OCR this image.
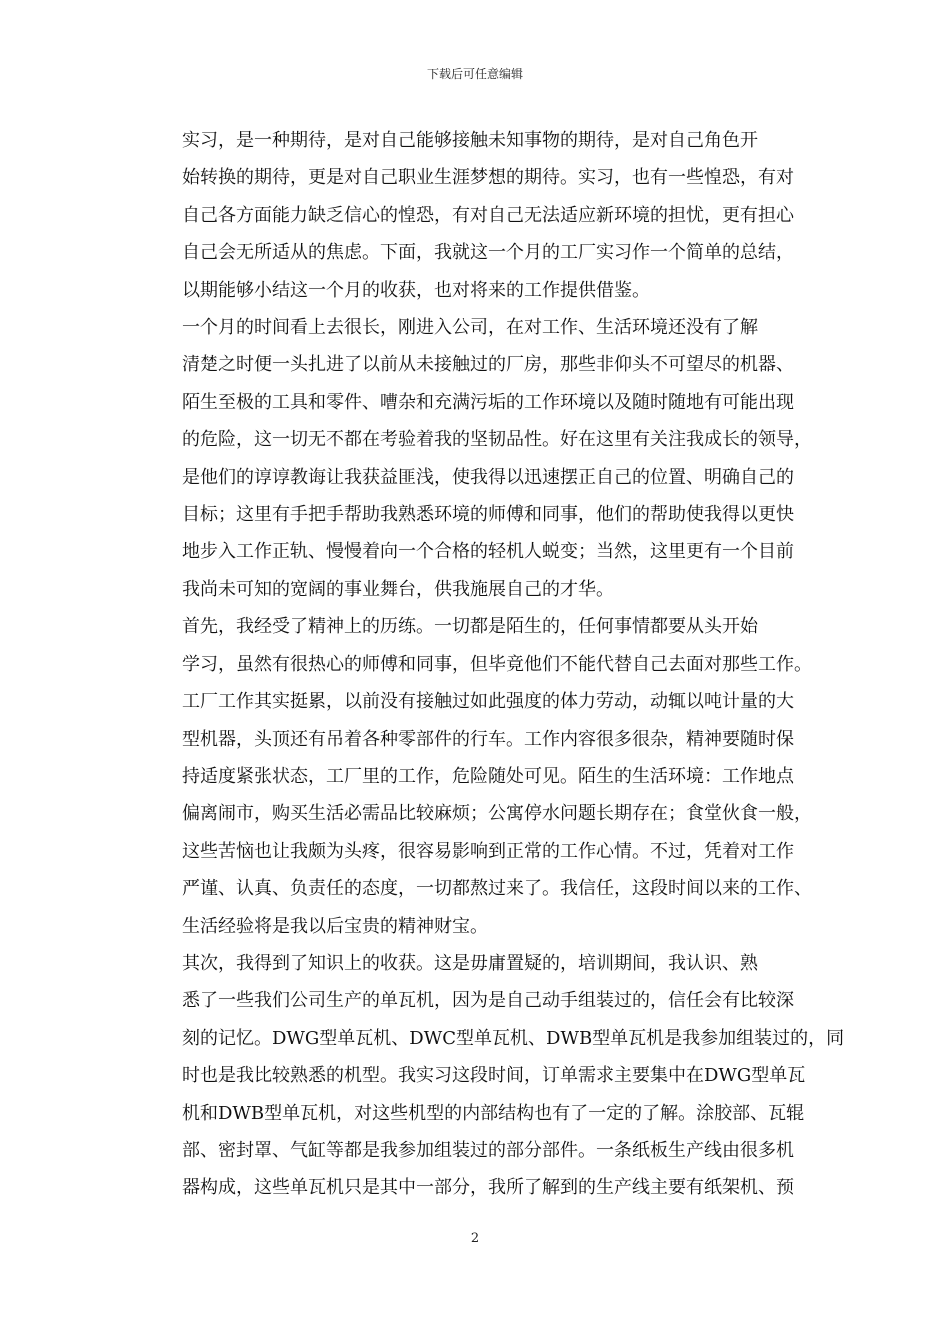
下载后可任意编辑

实习，是一种期待，是对自己能够接触未知事物的期待，是对自己角色开
始转换的期待，更是对自己职业生涯梦想的期待。实习，也有一些惶恐，有对
自己各方面能力缺乏信心的惶恐，有对自己无法适应新环境的担忧，更有担心
自己会无所适从的焦虑。下面，我就这一个月的工厂实习作一个简单的总结，
以期能够小结这一个月的收获，也对将来的工作提供借鉴。

一个月的时间看上去很长，刚进入公司，在对工作、生活环境还没有了解
清楚之时便一头扎进了以前从未接触过的厂房，那些非仰头不可望尽的机器、
陌生至极的工具和零件、嘈杂和充满污垢的工作环境以及随时随地有可能出现
的危险，这一切无不都在考验着我的坚韧品性。好在这里有关注我成长的领导，
是他们的谆谆教诲让我获益匪浅，使我得以迅速摆正自己的位置、明确自己的
目标；这里有手把手帮助我熟悉环境的师傅和同事，他们的帮助使我得以更快
地步入工作正轨、慢慢着向一个合格的轻机人蜕变；当然，这里更有一个目前
我尚未可知的宽阔的事业舞台，供我施展自己的才华。

首先，我经受了精神上的历练。一切都是陌生的，任何事情都要从头开始
学习，虽然有很热心的师傅和同事，但毕竟他们不能代替自己去面对那些工作。
工厂工作其实挺累，以前没有接触过如此强度的体力劳动，动辄以吨计量的大
型机器，头顶还有吊着各种零部件的行车。工作内容很多很杂，精神要随时保
持适度紧张状态，工厂里的工作，危险随处可见。陌生的生活环境：工作地点
偏离闹市，购买生活必需品比较麻烦；公寓停水问题长期存在；食堂伙食一般，
这些苦恼也让我颇为头疼，很容易影响到正常的工作心情。不过，凭着对工作
严谨、认真、负责任的态度，一切都熬过来了。我信任，这段时间以来的工作、
生活经验将是我以后宝贵的精神财宝。

其次，我得到了知识上的收获。这是毋庸置疑的，培训期间，我认识、熟
悉了一些我们公司生产的单瓦机，因为是自己动手组装过的，信任会有比较深
刻的记忆。DWG型单瓦机、DWC型单瓦机、DWB型单瓦机是我参加组装过的，同
时也是我比较熟悉的机型。我实习这段时间，订单需求主要集中在DWG型单瓦
机和DWB型单瓦机，对这些机型的内部结构也有了一定的了解。涂胶部、瓦辊
部、密封罩、气缸等都是我参加组装过的部分部件。一条纸板生产线由很多机
器构成，这些单瓦机只是其中一部分，我所了解到的生产线主要有纸架机、预

2
